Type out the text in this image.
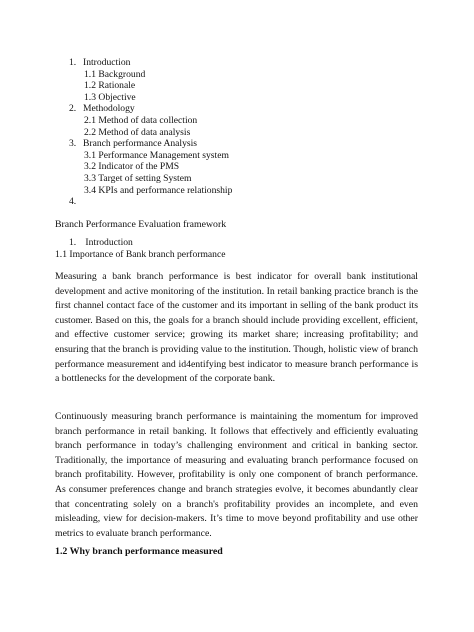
1. Introduction
1.1 Background
1.2 Rationale
1.3 Objective
2. Methodology
2.1 Method of data collection
2.2 Method of data analysis
3. Branch performance Analysis
3.1 Performance Management system
3.2 Indicator of the PMS
3.3 Target of setting System
3.4 KPIs and performance relationship
4.
Branch Performance Evaluation framework
1. Introduction
1.1 Importance of Bank branch performance

Measuring a bank branch performance is best indicator for overall bank institutional development and active monitoring of the institution. In retail banking practice branch is the first channel contact face of the customer and its important in selling of the bank product its customer. Based on this, the goals for a branch should include providing excellent, efficient, and effective customer service; growing its market share; increasing profitability; and ensuring that the branch is providing value to the institution. Though, holistic view of branch performance measurement and id4entifying best indicator to measure branch performance is a bottlenecks for the development of the corporate bank.

Continuously measuring branch performance is maintaining the momentum for improved branch performance in retail banking. It follows that effectively and efficiently evaluating branch performance in today’s challenging environment and critical in banking sector. Traditionally, the importance of measuring and evaluating branch performance focused on branch profitability. However, profitability is only one component of branch performance. As consumer preferences change and branch strategies evolve, it becomes abundantly clear that concentrating solely on a branch's profitability provides an incomplete, and even misleading, view for decision-makers. It’s time to move beyond profitability and use other metrics to evaluate branch performance.

1.2 Why branch performance measured
